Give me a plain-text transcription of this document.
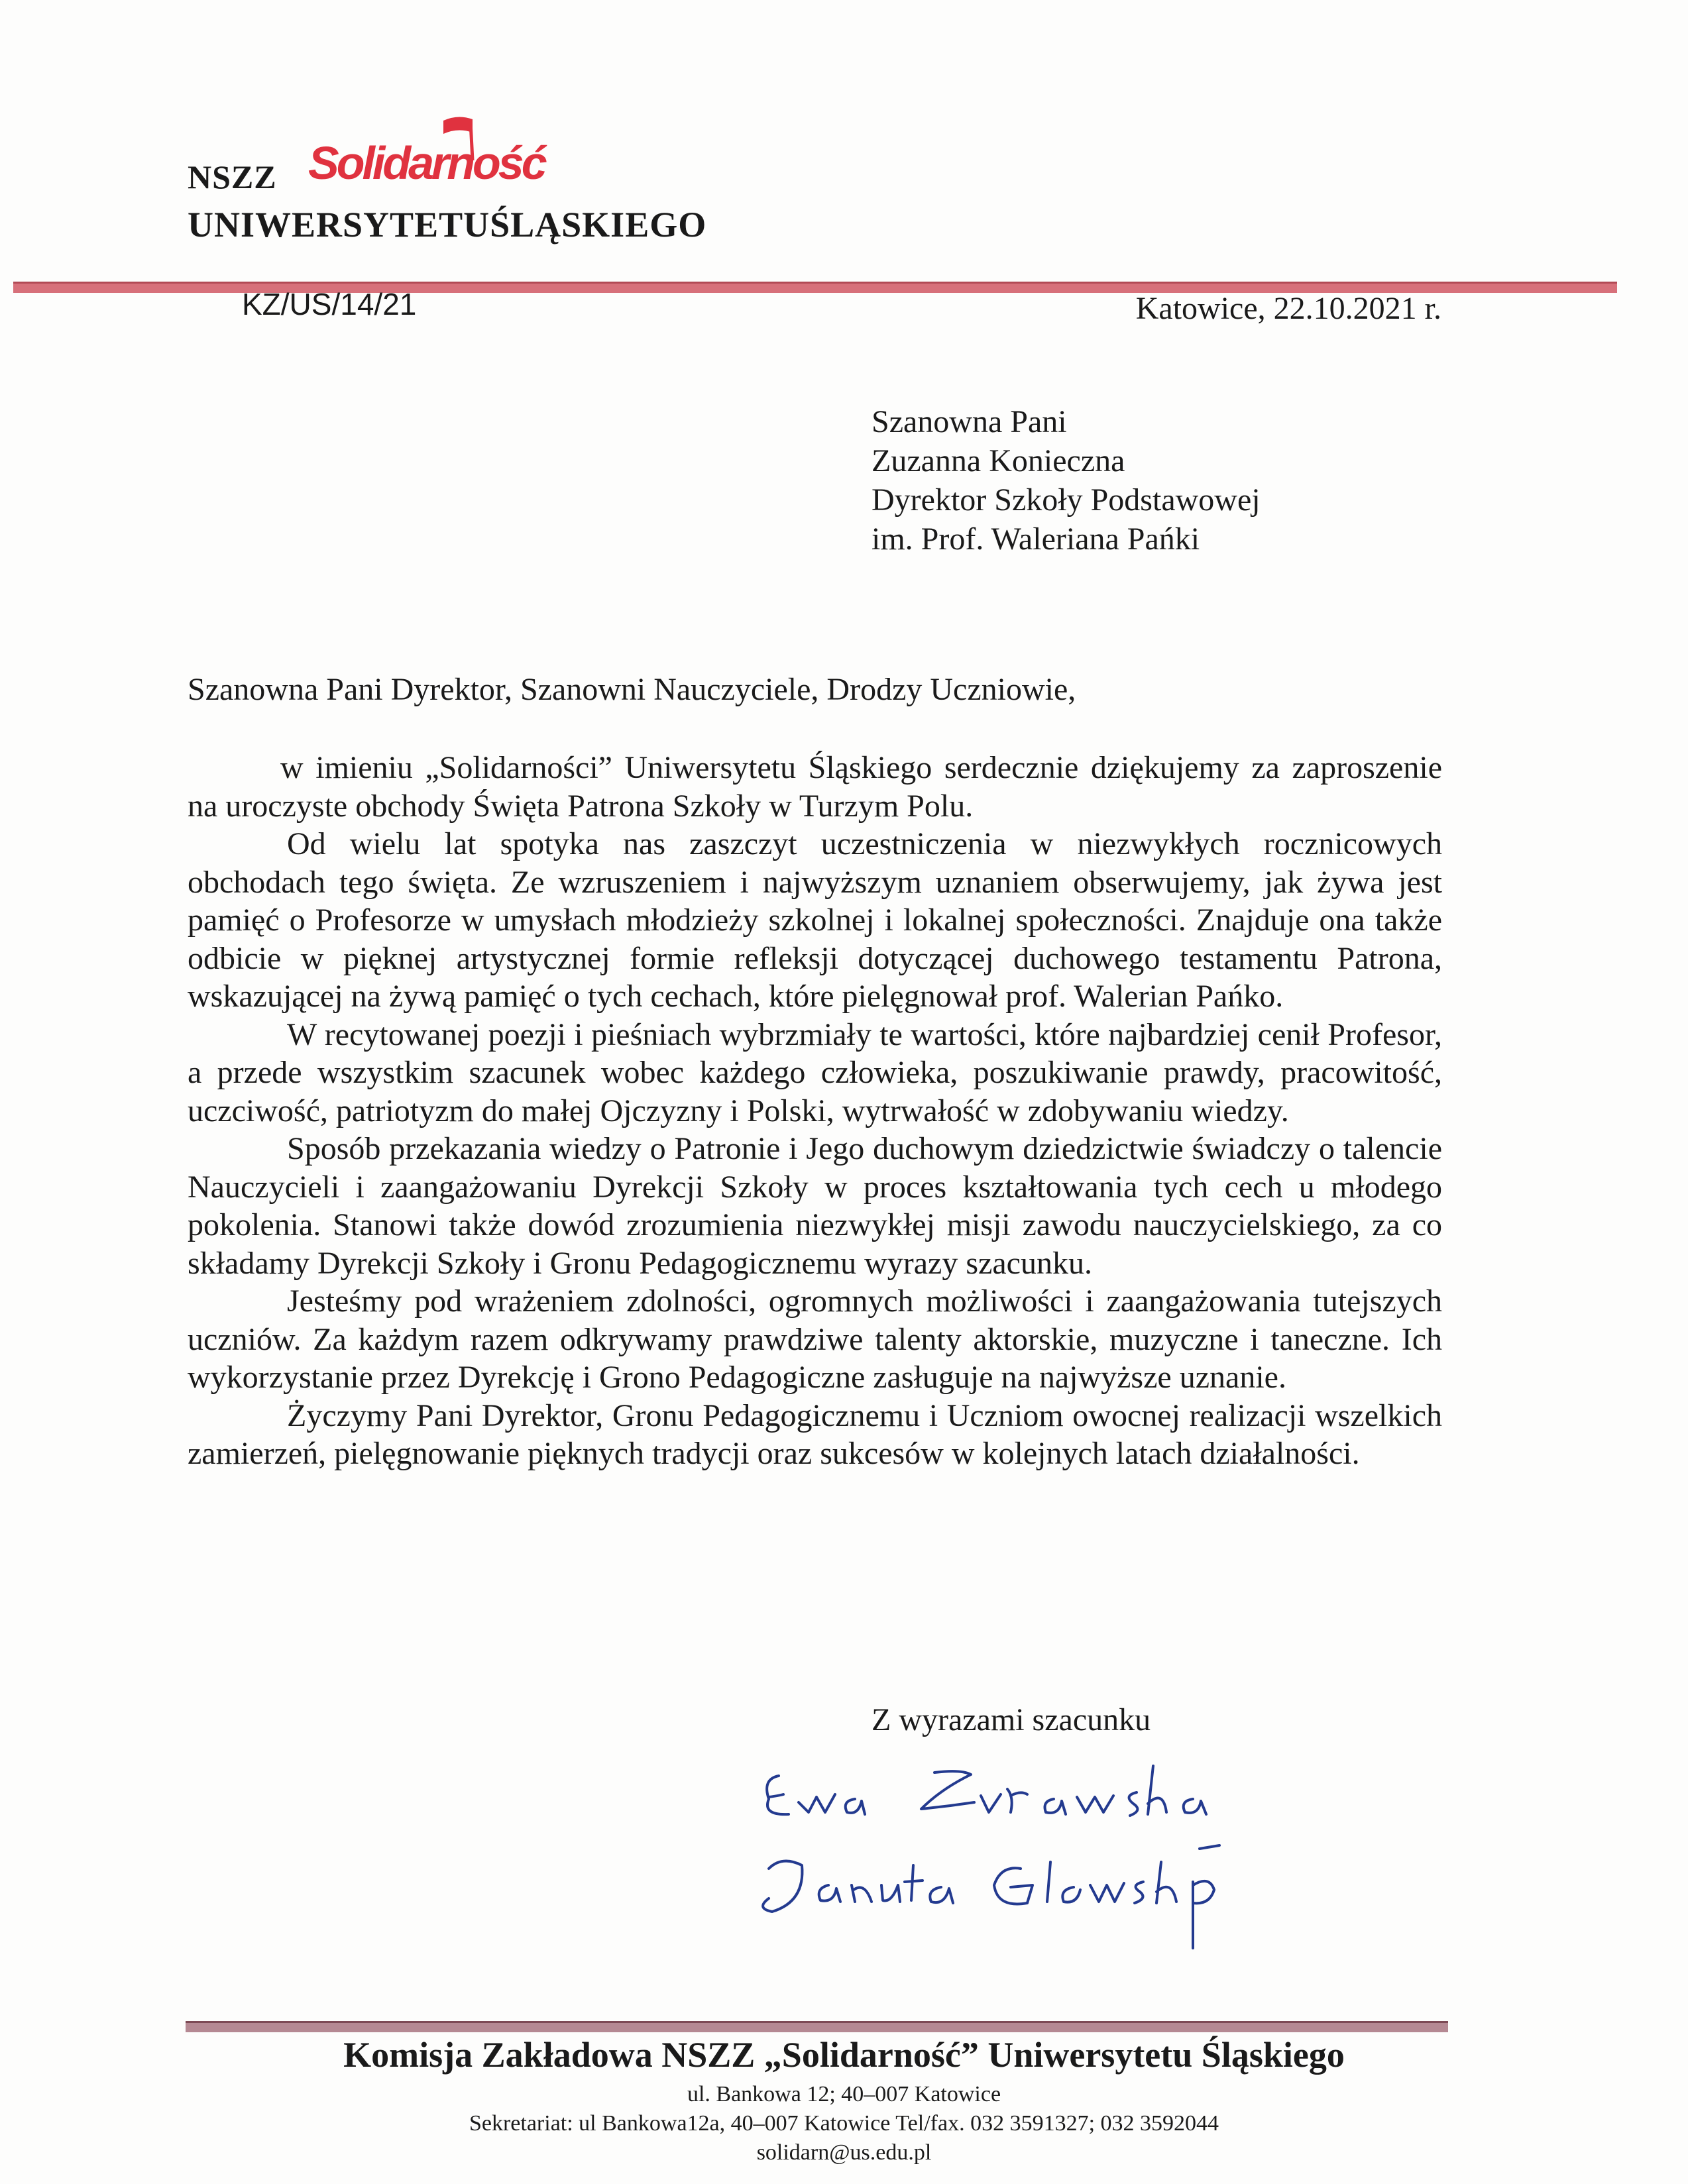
NSZZ Solidarność
UNIWERSYTETUŚLĄSKIEGO
KZ/US/14/21	Katowice, 22.10.2021 r.
Szanowna Pani
Zuzanna Konieczna
Dyrektor Szkoły Podstawowej
im. Prof. Waleriana Pańki
Szanowna Pani Dyrektor, Szanowni Nauczyciele, Drodzy Uczniowie,

w imieniu „Solidarności” Uniwersytetu Śląskiego serdecznie dziękujemy za zaproszenie na uroczyste obchody Święta Patrona Szkoły w Turzym Polu.

Od wielu lat spotyka nas zaszczyt uczestniczenia w niezwykłych rocznicowych obchodach tego święta. Ze wzruszeniem i najwyższym uznaniem obserwujemy, jak żywa jest pamięć o Profesorze w umysłach młodzieży szkolnej i lokalnej społeczności. Znajduje ona także odbicie w pięknej artystycznej formie refleksji dotyczącej duchowego testamentu Patrona, wskazującej na żywą pamięć o tych cechach, które pielęgnował prof. Walerian Pańko.

W recytowanej poezji i pieśniach wybrzmiały te wartości, które najbardziej cenił Profesor, a przede wszystkim szacunek wobec każdego człowieka, poszukiwanie prawdy, pracowitość, uczciwość, patriotyzm do małej Ojczyzny i Polski, wytrwałość w zdobywaniu wiedzy.

Sposób przekazania wiedzy o Patronie i Jego duchowym dziedzictwie świadczy o talencie Nauczycieli i zaangażowaniu Dyrekcji Szkoły w proces kształtowania tych cech u młodego pokolenia. Stanowi także dowód zrozumienia niezwykłej misji zawodu nauczycielskiego, za co składamy Dyrekcji Szkoły i Gronu Pedagogicznemu wyrazy szacunku.

Jesteśmy pod wrażeniem zdolności, ogromnych możliwości i zaangażowania tutejszych uczniów. Za każdym razem odkrywamy prawdziwe talenty aktorskie, muzyczne i taneczne. Ich wykorzystanie przez Dyrekcję i Grono Pedagogiczne zasługuje na najwyższe uznanie.

Życzymy Pani Dyrektor, Gronu Pedagogicznemu i Uczniom owocnej realizacji wszelkich zamierzeń, pielęgnowanie pięknych tradycji oraz sukcesów w kolejnych latach działalności.

Z wyrazami szacunku
Komisja Zakładowa NSZZ „Solidarność” Uniwersytetu Śląskiego
ul. Bankowa 12; 40–007 Katowice
Sekretariat: ul Bankowa12a, 40–007 Katowice Tel/fax. 032 3591327; 032 3592044
solidarn@us.edu.pl
